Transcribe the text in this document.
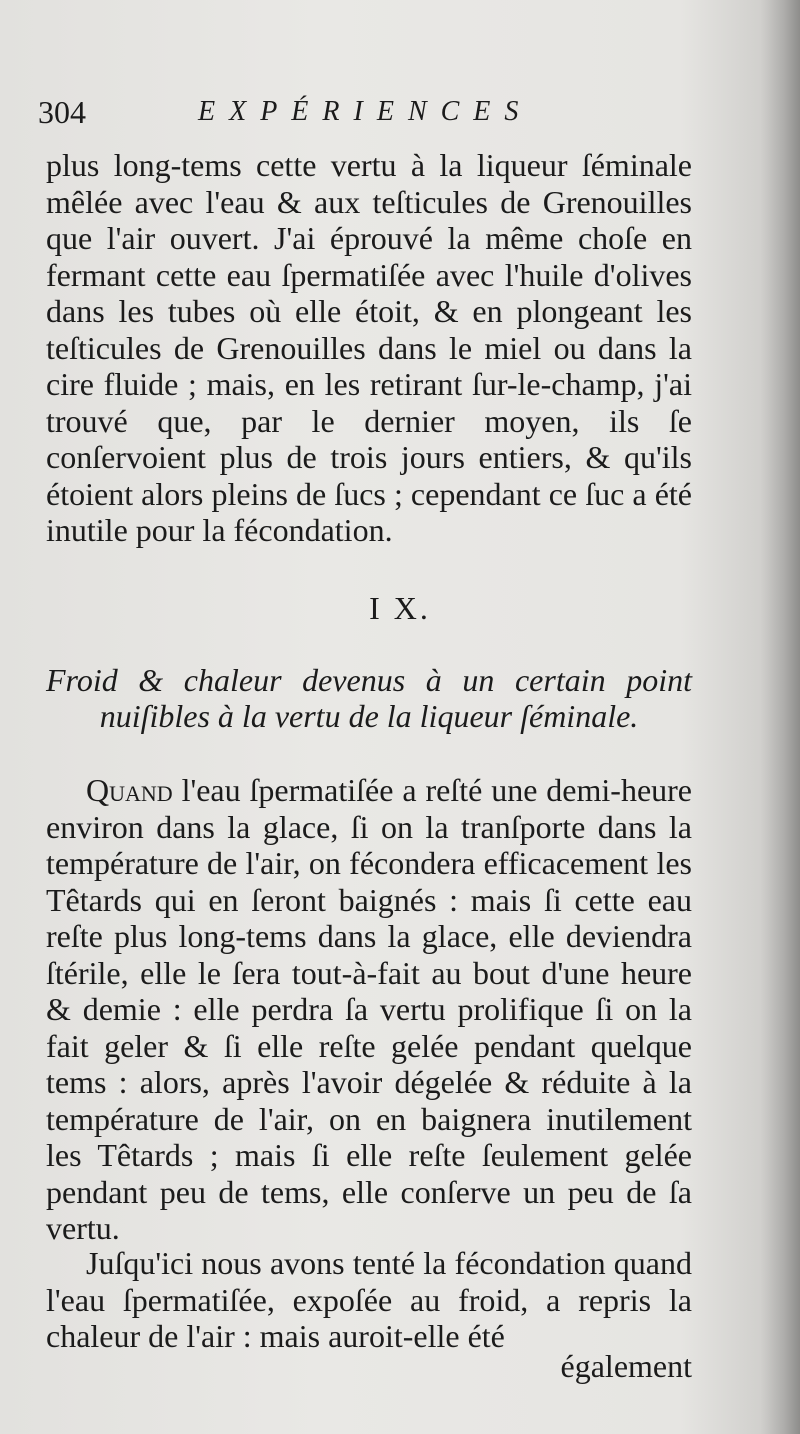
304	EXPÉRIENCES

plus long-tems cette vertu à la liqueur ſéminale mêlée avec l'eau & aux teſticules de Grenouilles que l'air ouvert. J'ai éprouvé la même choſe en fermant cette eau ſpermatiſée avec l'huile d'olives dans les tubes où elle étoit, & en plongeant les teſticules de Grenouilles dans le miel ou dans la cire fluide ; mais, en les retirant ſur-le-champ, j'ai trouvé que, par le dernier moyen, ils ſe conſervoient plus de trois jours entiers, & qu'ils étoient alors pleins de ſucs ; cependant ce ſuc a été inutile pour la fécondation.

I X.
Froid & chaleur devenus à un certain point
nuiſibles à la vertu de la liqueur ſéminale.

Quand l'eau ſpermatiſée a reſté une demi-heure environ dans la glace, ſi on la tranſporte dans la température de l'air, on fécondera efficacement les Têtards qui en ſeront baignés : mais ſi cette eau reſte plus long-tems dans la glace, elle deviendra ſtérile, elle le ſera tout-à-fait au bout d'une heure & demie : elle perdra ſa vertu prolifique ſi on la fait geler & ſi elle reſte gelée pendant quelque tems : alors, après l'avoir dégelée & réduite à la température de l'air, on en baignera inutilement les Têtards ; mais ſi elle reſte ſeulement gelée pendant peu de tems, elle conſerve un peu de ſa vertu.

Juſqu'ici nous avons tenté la fécondation quand l'eau ſpermatiſée, expoſée au froid, a repris la chaleur de l'air : mais auroit-elle été

également
